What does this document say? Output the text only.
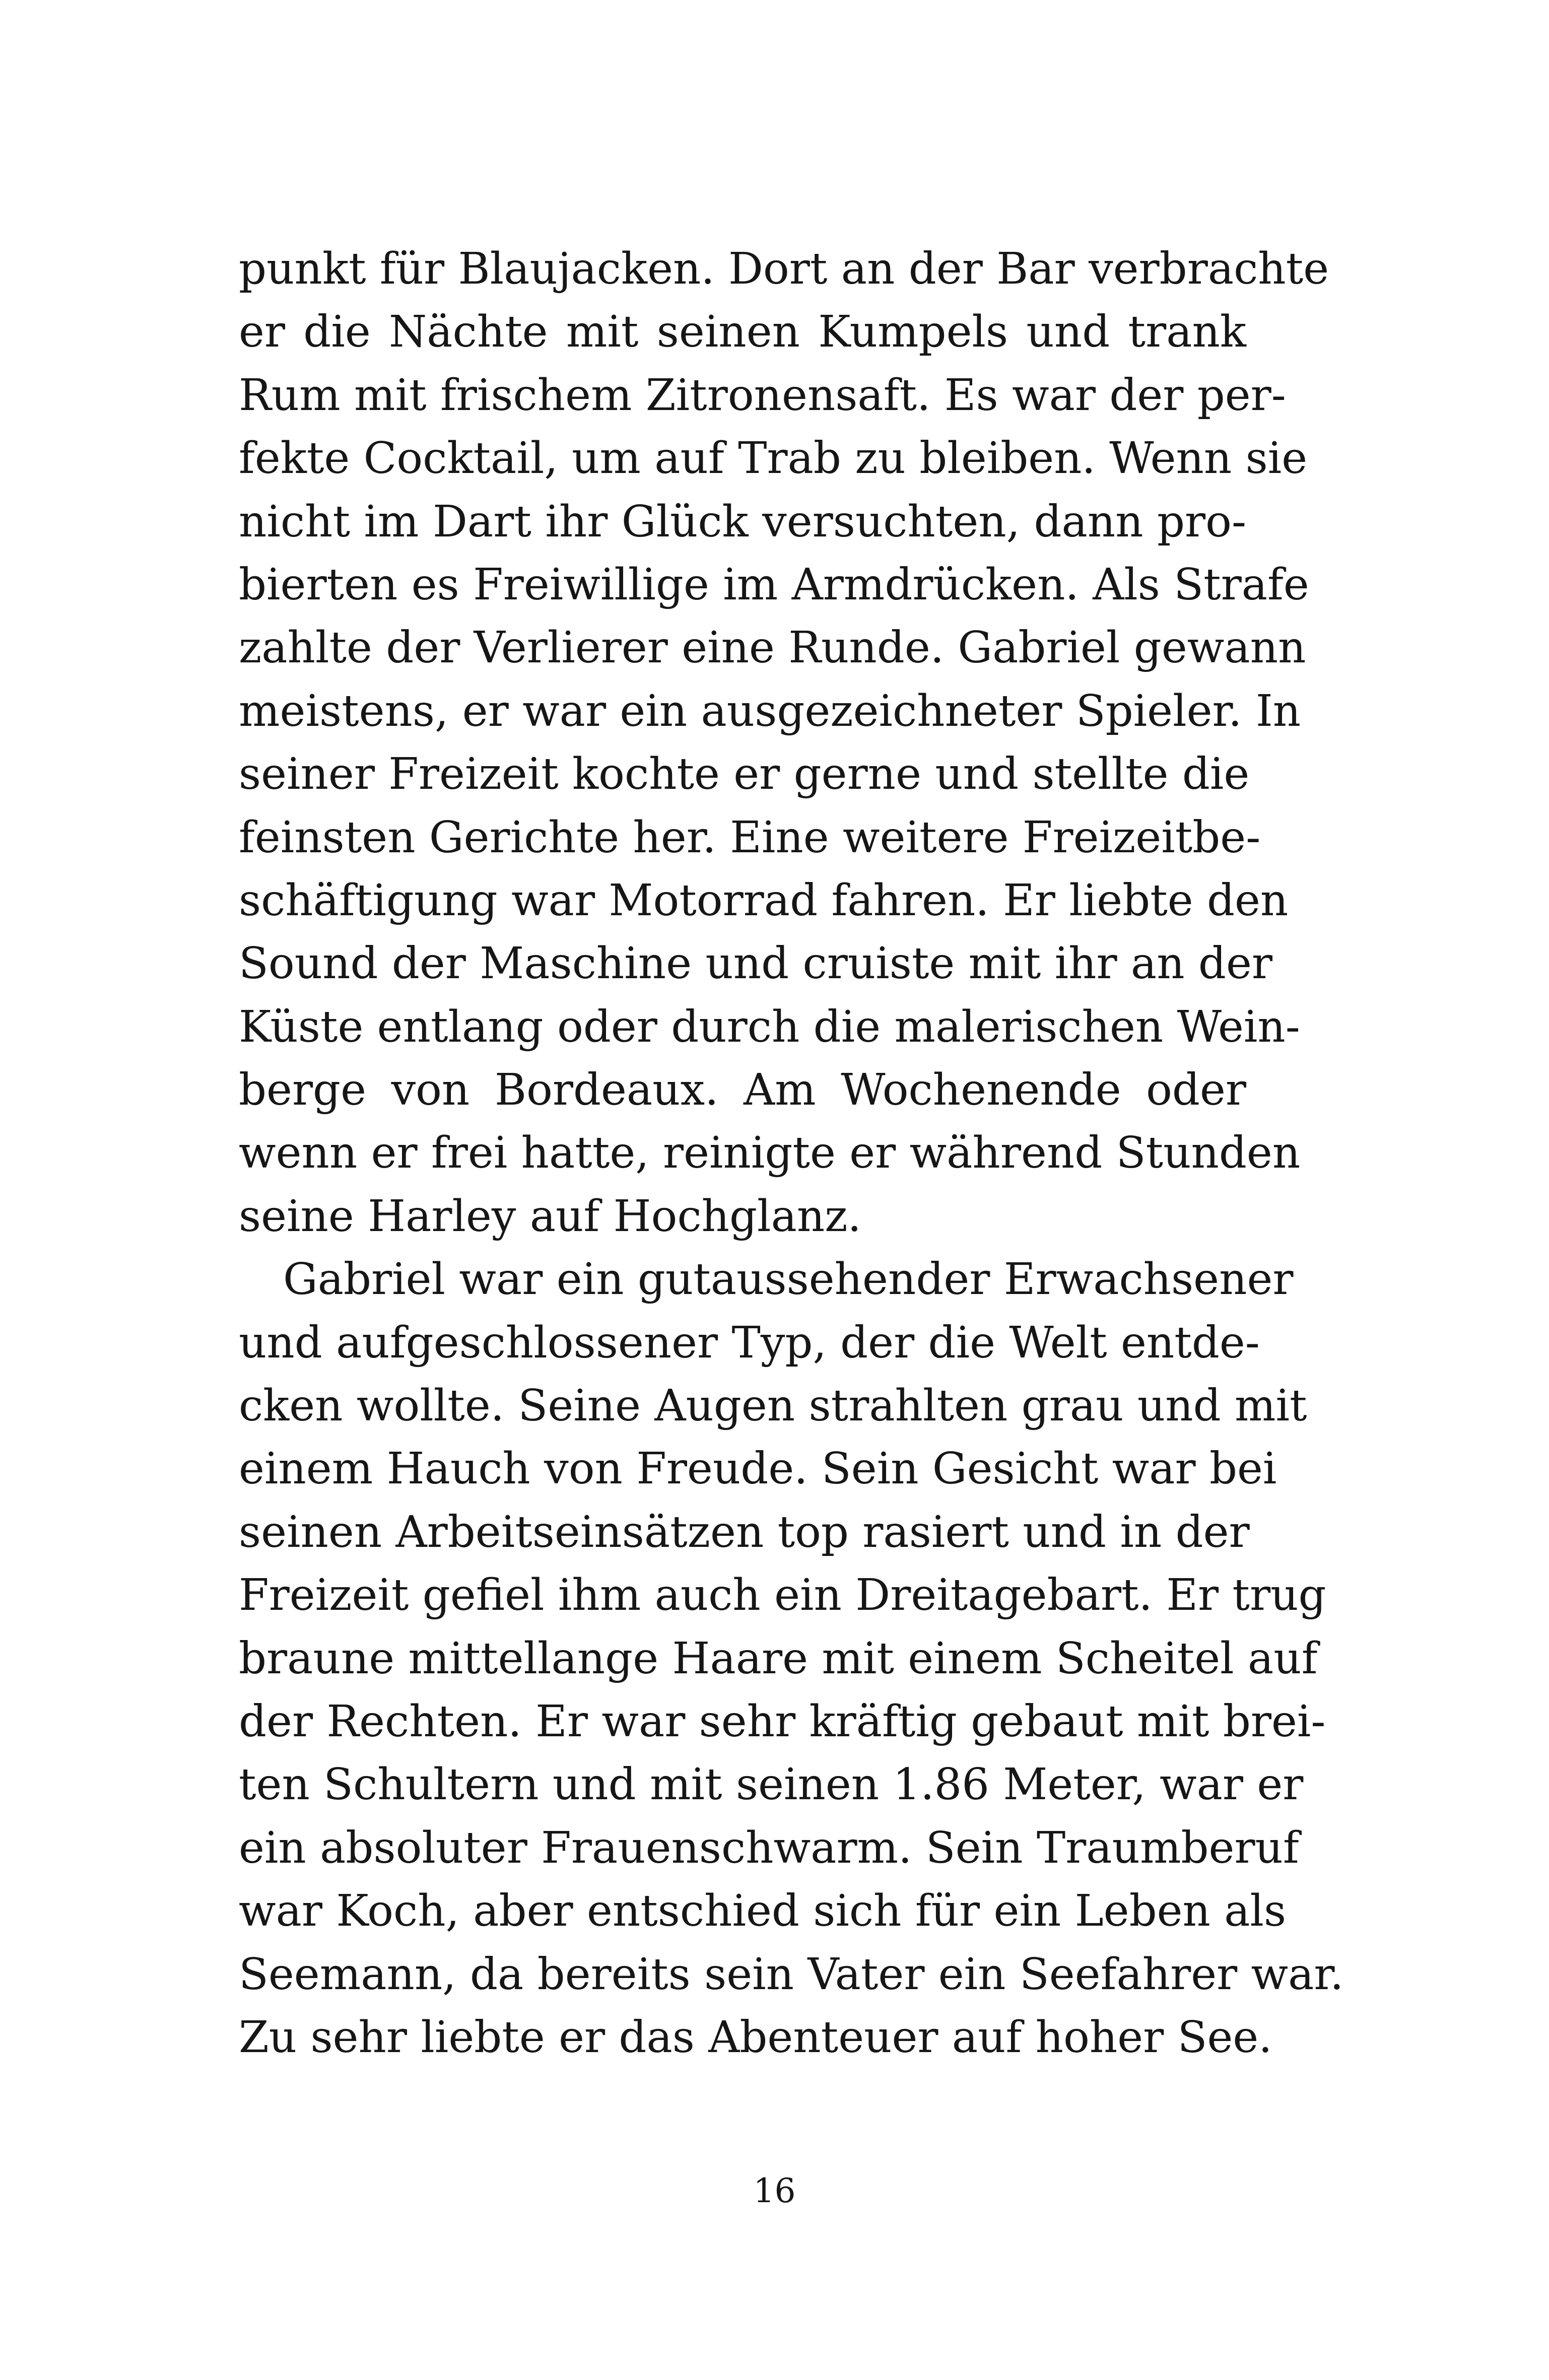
punkt für Blaujacken. Dort an der Bar verbrachte
er die Nächte mit seinen Kumpels und trank
Rum mit frischem Zitronensaft. Es war der per-
fekte Cocktail, um auf Trab zu bleiben. Wenn sie
nicht im Dart ihr Glück versuchten, dann pro-
bierten es Freiwillige im Armdrücken. Als Strafe
zahlte der Verlierer eine Runde. Gabriel gewann
meistens, er war ein ausgezeichneter Spieler. In
seiner Freizeit kochte er gerne und stellte die
feinsten Gerichte her. Eine weitere Freizeitbe-
schäftigung war Motorrad fahren. Er liebte den
Sound der Maschine und cruiste mit ihr an der
Küste entlang oder durch die malerischen Wein-
berge von Bordeaux. Am Wochenende oder
wenn er frei hatte, reinigte er während Stunden
seine Harley auf Hochglanz.
Gabriel war ein gutaussehender Erwachsener
und aufgeschlossener Typ, der die Welt entde-
cken wollte. Seine Augen strahlten grau und mit
einem Hauch von Freude. Sein Gesicht war bei
seinen Arbeitseinsätzen top rasiert und in der
Freizeit gefiel ihm auch ein Dreitagebart. Er trug
braune mittellange Haare mit einem Scheitel auf
der Rechten. Er war sehr kräftig gebaut mit brei-
ten Schultern und mit seinen 1.86 Meter, war er
ein absoluter Frauenschwarm. Sein Traumberuf
war Koch, aber entschied sich für ein Leben als
Seemann, da bereits sein Vater ein Seefahrer war.
Zu sehr liebte er das Abenteuer auf hoher See.
16
